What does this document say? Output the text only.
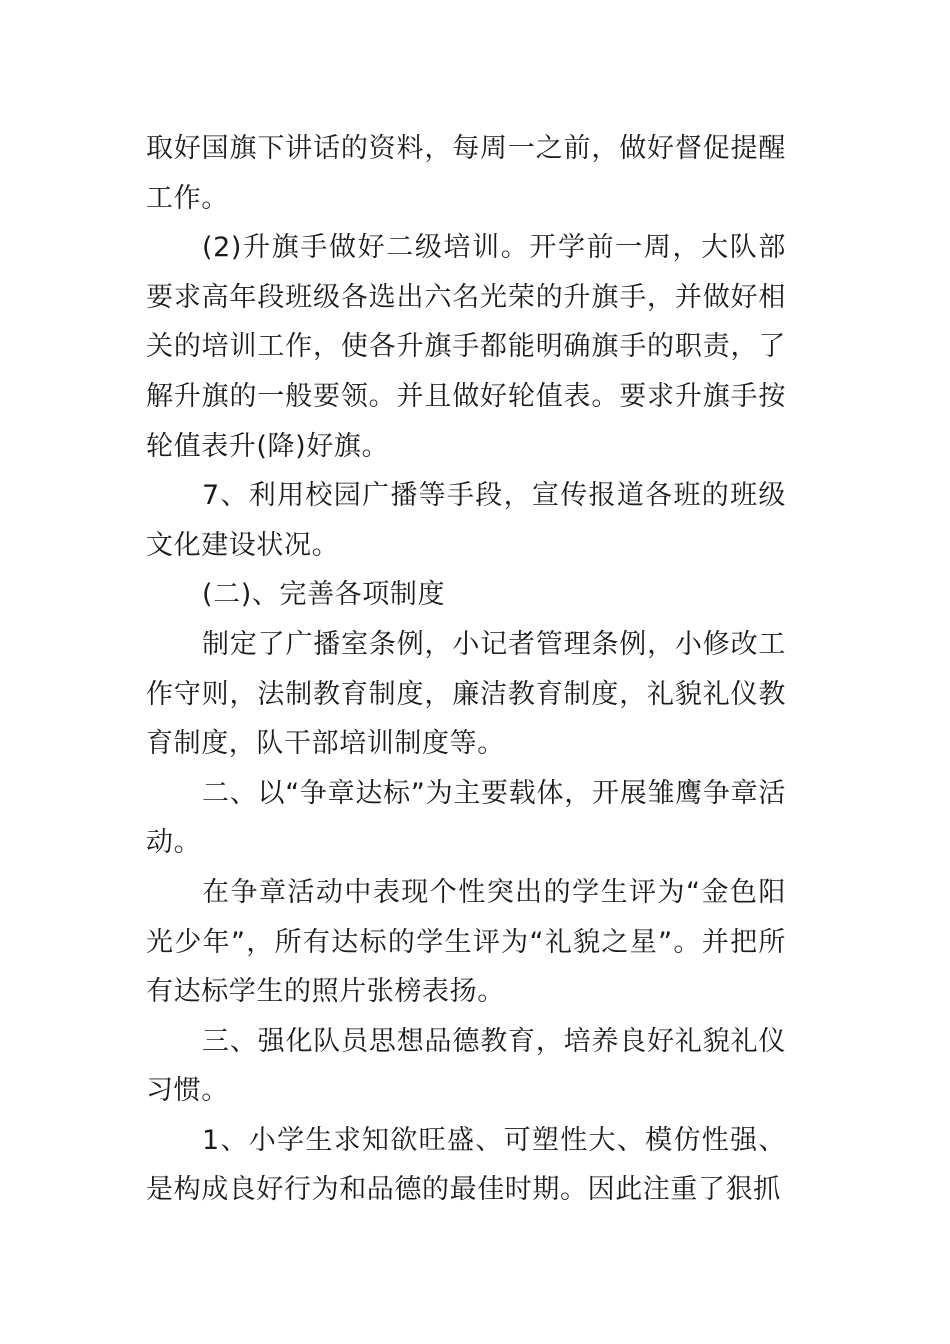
取好国旗下讲话的资料，每周一之前，做好督促提醒工作。

(2)升旗手做好二级培训。开学前一周，大队部要求高年段班级各选出六名光荣的升旗手，并做好相关的培训工作，使各升旗手都能明确旗手的职责，了解升旗的一般要领。并且做好轮值表。要求升旗手按轮值表升(降)好旗。

7、利用校园广播等手段，宣传报道各班的班级文化建设状况。

(二)、完善各项制度

制定了广播室条例，小记者管理条例，小修改工作守则，法制教育制度，廉洁教育制度，礼貌礼仪教育制度，队干部培训制度等。

二、以“争章达标”为主要载体，开展雏鹰争章活动。

在争章活动中表现个性突出的学生评为“金色阳光少年”，所有达标的学生评为“礼貌之星”。并把所有达标学生的照片张榜表扬。

三、强化队员思想品德教育，培养良好礼貌礼仪习惯。

1、小学生求知欲旺盛、可塑性大、模仿性强、是构成良好行为和品德的最佳时期。因此注重了狠抓
